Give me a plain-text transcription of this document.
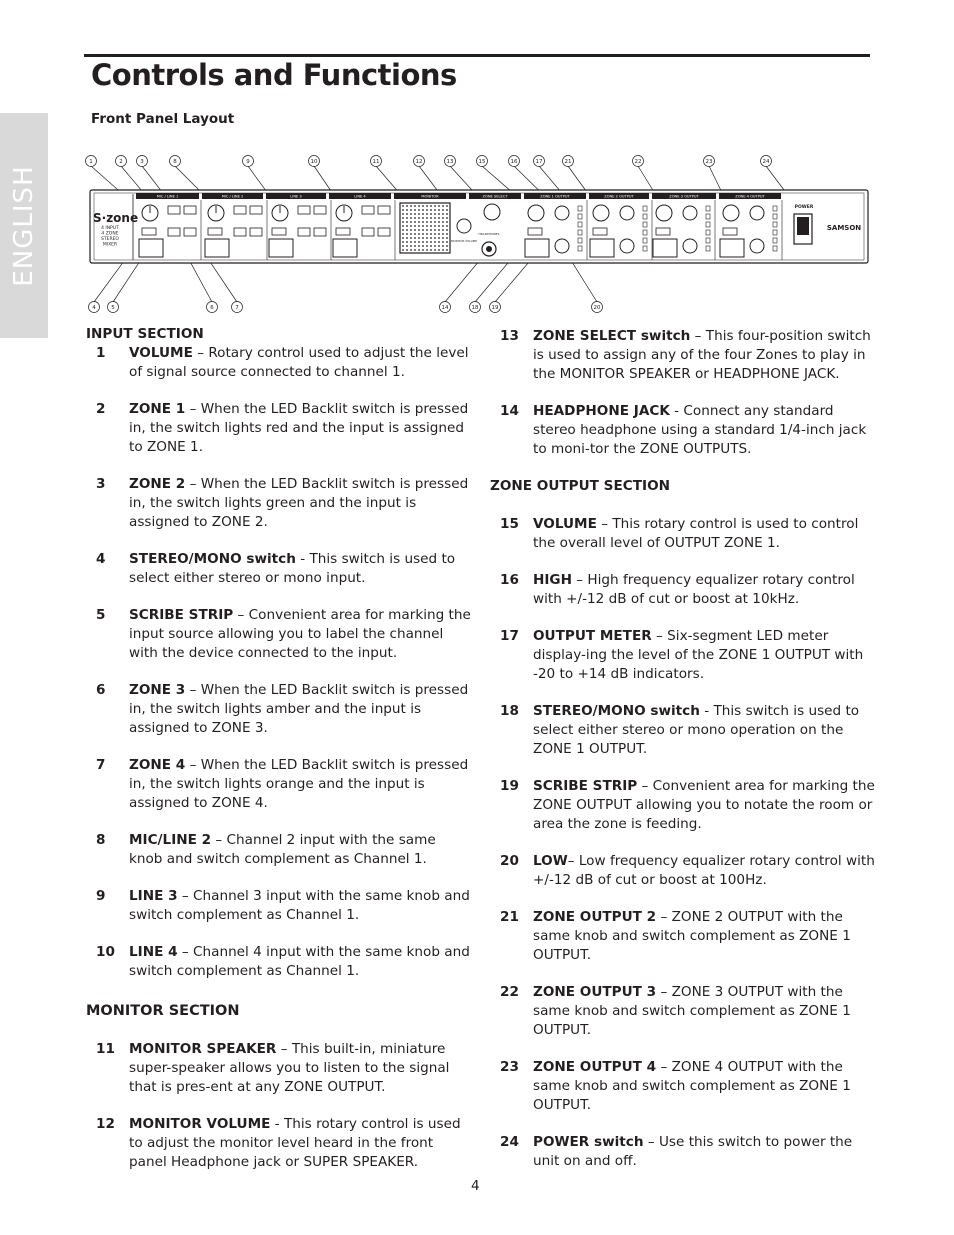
Controls and Functions
ENGLISH
Front Panel Layout
S·zone
4 INPUT
4 ZONE
STEREO
MIXER
MIC / LINE 1	MIC / LINE 2	LINE 3	LINE 4	MONITOR	ZONE SELECT	ZONE 1 OUTPUT	ZONE 2 OUTPUT	ZONE 3 OUTPUT	ZONE 4 OUTPUT
MONITOR VOLUME
HEADPHONES
POWER
SAMSON
1	2	3	8	9	10	11	12	13	15	16	17	21	22	23	24
4	5	6	7	14	18 19	20
INPUT SECTION
1 VOLUME – Rotary control used to adjust the level of signal source connected to channel 1.
2 ZONE 1 – When the LED Backlit switch is pressed in, the switch lights red and the input is assigned to ZONE 1.
3 ZONE 2 – When the LED Backlit switch is pressed in, the switch lights green and the input is assigned to ZONE 2.
4 STEREO/MONO switch - This switch is used to select either stereo or mono input.
5 SCRIBE STRIP – Convenient area for marking the input source allowing you to label the channel with the device connected to the input.
6 ZONE 3 – When the LED Backlit switch is pressed in, the switch lights amber and the input is assigned to ZONE 3.
7 ZONE 4 – When the LED Backlit switch is pressed in, the switch lights orange and the input is assigned to ZONE 4.
8 MIC/LINE 2 – Channel 2 input with the same knob and switch complement as Channel 1.
9 LINE 3 – Channel 3 input with the same knob and switch complement as Channel 1.
10 LINE 4 – Channel 4 input with the same knob and switch complement as Channel 1.
MONITOR SECTION
11 MONITOR SPEAKER – This built-in, miniature super-speaker allows you to listen to the signal that is pres-ent at any ZONE OUTPUT.
12 MONITOR VOLUME - This rotary control is used to adjust the monitor level heard in the front panel Headphone jack or SUPER SPEAKER.
13 ZONE SELECT switch – This four-position switch is used to assign any of the four Zones to play in the MONITOR SPEAKER or HEADPHONE JACK.
14 HEADPHONE JACK - Connect any standard stereo headphone using a standard 1/4-inch jack to moni-tor the ZONE OUTPUTS.
ZONE OUTPUT SECTION
15 VOLUME – This rotary control is used to control the overall level of OUTPUT ZONE 1.
16 HIGH – High frequency equalizer rotary control with +/-12 dB of cut or boost at 10kHz.
17 OUTPUT METER – Six-segment LED meter display-ing the level of the ZONE 1 OUTPUT with -20 to +14 dB indicators.
18 STEREO/MONO switch - This switch is used to select either stereo or mono operation on the ZONE 1 OUTPUT.
19 SCRIBE STRIP – Convenient area for marking the ZONE OUTPUT allowing you to notate the room or area the zone is feeding.
20 LOW– Low frequency equalizer rotary control with +/-12 dB of cut or boost at 100Hz.
21 ZONE OUTPUT 2 – ZONE 2 OUTPUT with the same knob and switch complement as ZONE 1 OUTPUT.
22 ZONE OUTPUT 3 – ZONE 3 OUTPUT with the same knob and switch complement as ZONE 1 OUTPUT.
23 ZONE OUTPUT 4 – ZONE 4 OUTPUT with the same knob and switch complement as ZONE 1 OUTPUT.
24 POWER switch – Use this switch to power the unit on and off.
4
